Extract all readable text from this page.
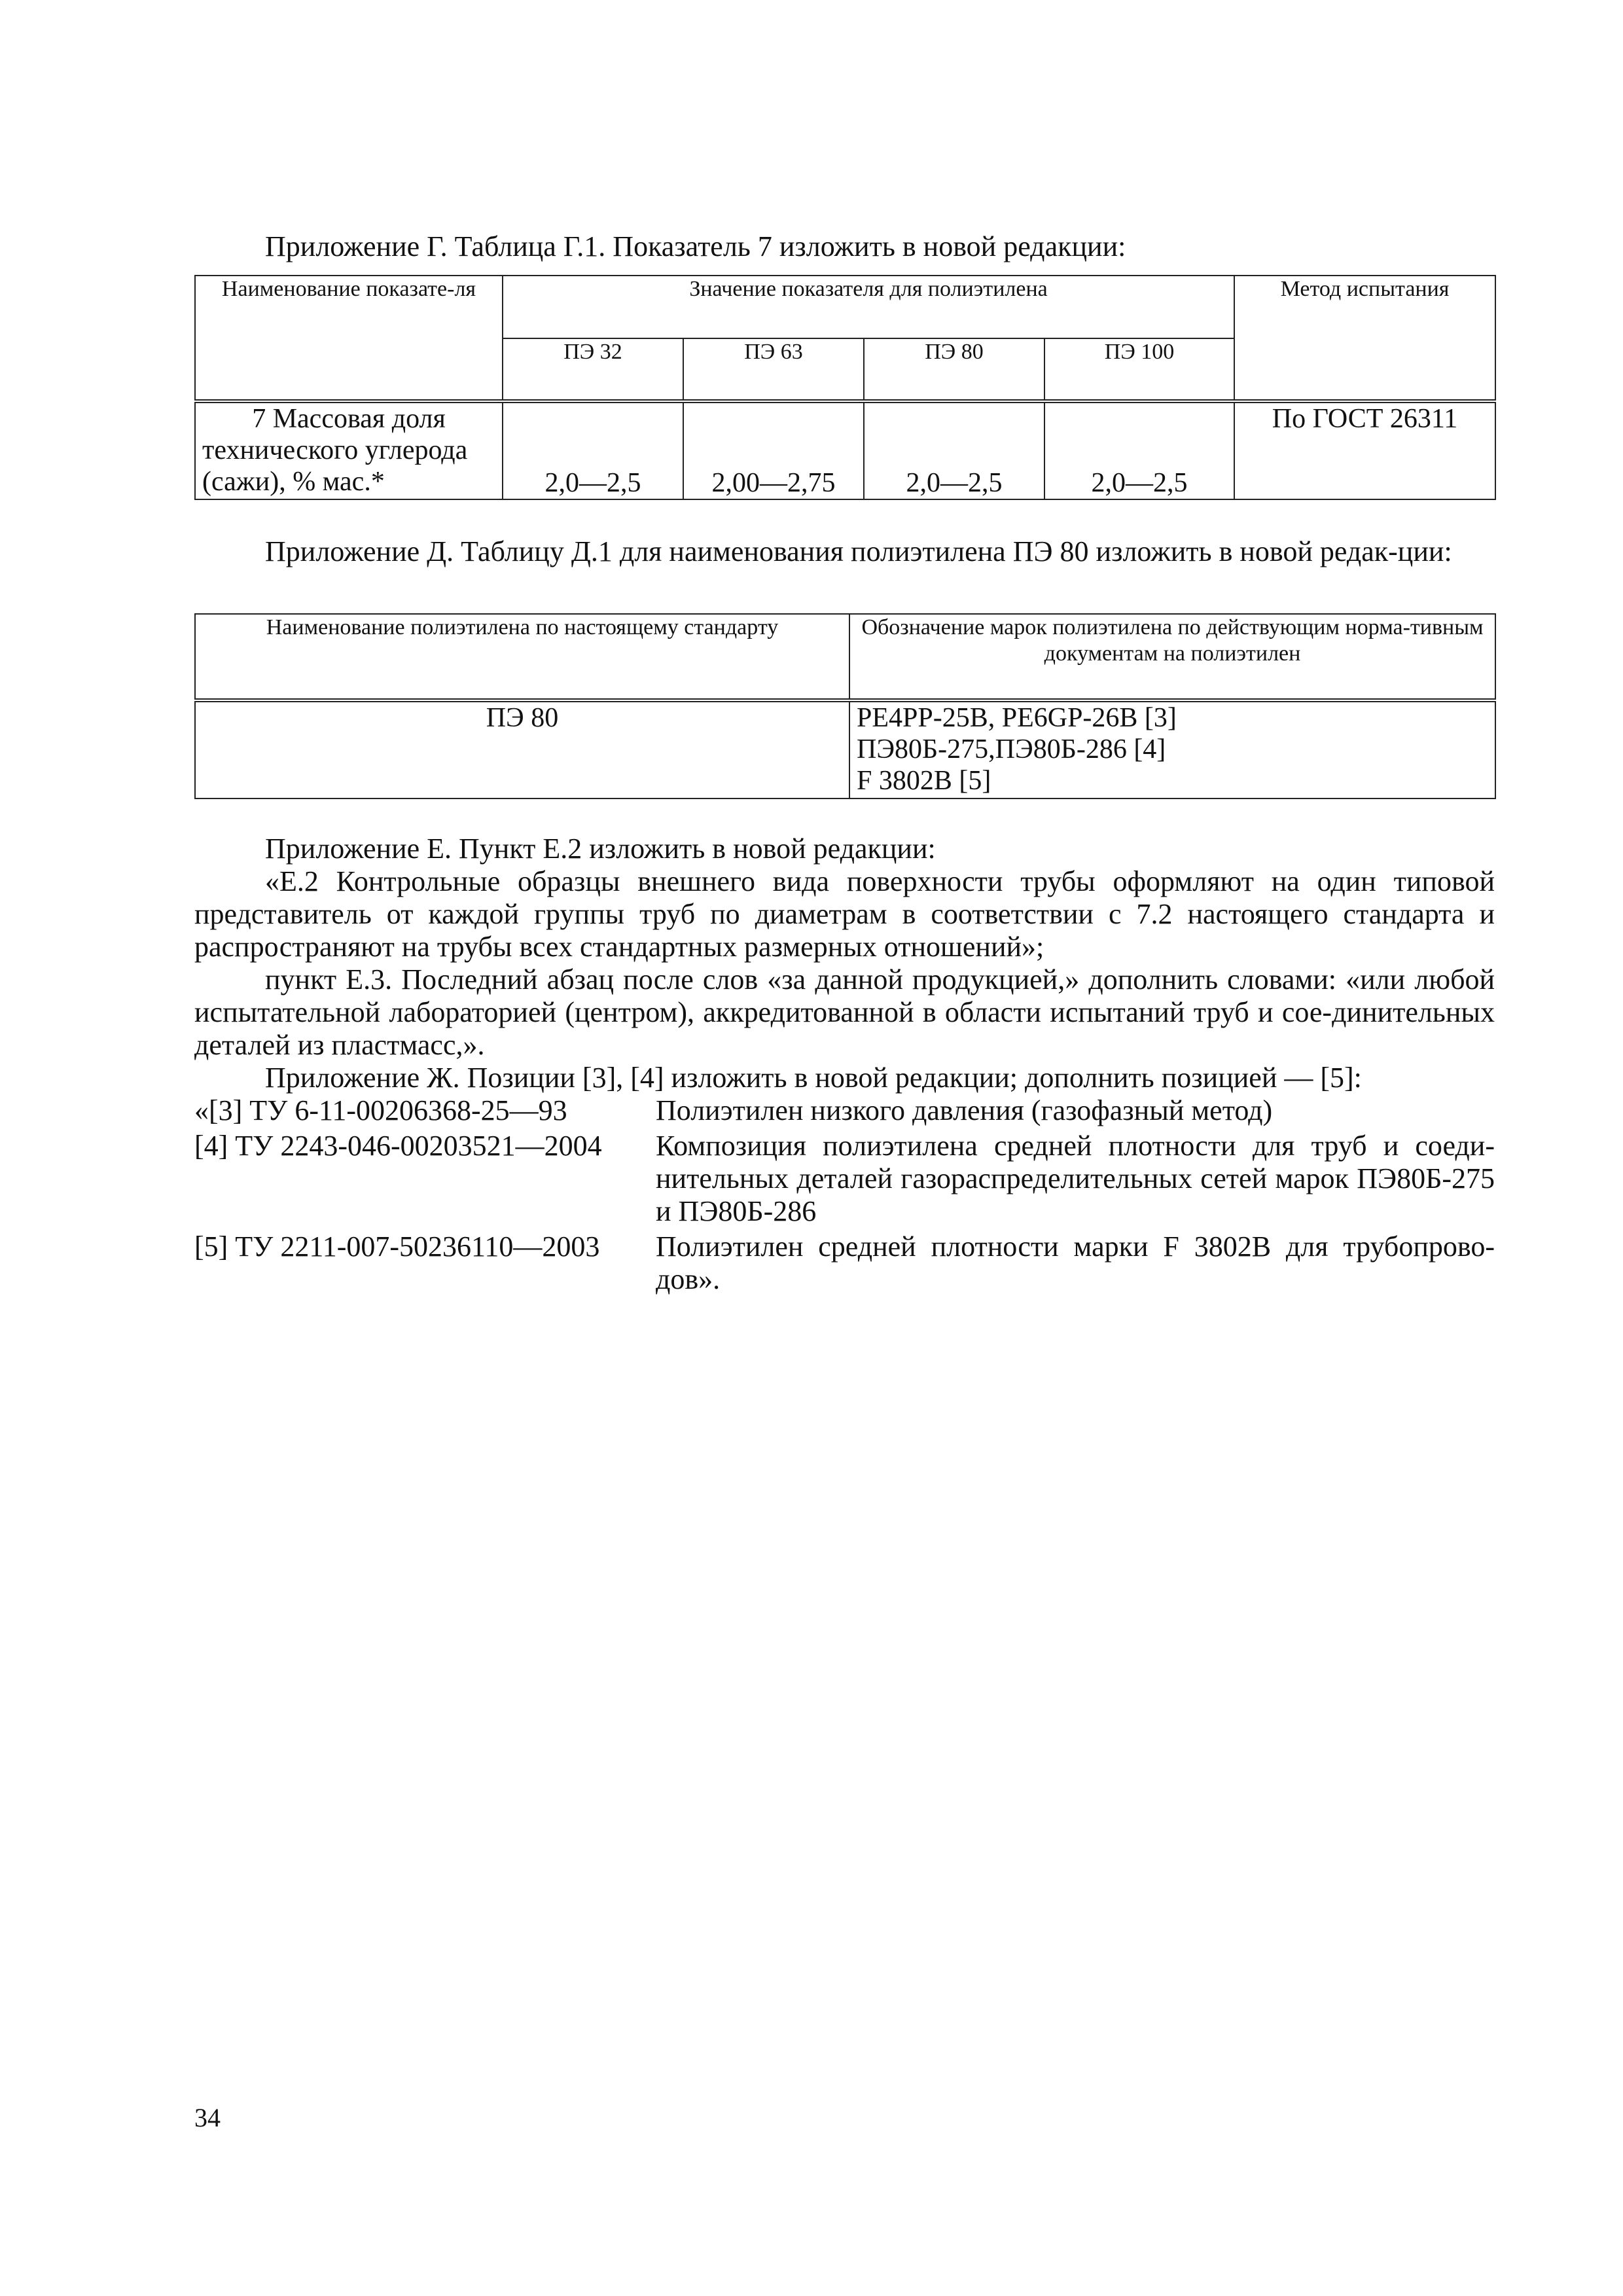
Приложение Г. Таблица Г.1. Показатель 7 изложить в новой редакции:

Наименование показате-ля	Значение показателя для полиэтилена				Метод испытания
	ПЭ 32	ПЭ 63	ПЭ 80	ПЭ 100	

7 Массовая доля
технического углерода
(сажи), % мас.*	2,0—2,5	2,00—2,75	2,0—2,5	2,0—2,5	По ГОСТ 26311

Приложение Д. Таблицу Д.1 для наименования полиэтилена ПЭ 80 изложить в новой редак-ции:

Наименование полиэтилена по настоящему стандарту	Обозначение марок полиэтилена по действующим норма-тивным документам на полиэтилен
ПЭ 80	PE4PP-25B, PE6GP-26B [3]
ПЭ80Б-275,ПЭ80Б-286 [4]
F 3802B [5]

Приложение Е. Пункт Е.2 изложить в новой редакции:

«Е.2 Контрольные образцы внешнего вида поверхности трубы оформляют на один типовой представитель от каждой группы труб по диаметрам в соответствии с 7.2 настоящего стандарта и распространяют на трубы всех стандартных размерных отношений»;

пункт Е.3. Последний абзац после слов «за данной продукцией,» дополнить словами: «или любой испытательной лабораторией (центром), аккредитованной в области испытаний труб и сое-динительных деталей из пластмасс,».

Приложение Ж. Позиции [3], [4] изложить в новой редакции; дополнить позицией — [5]:

«[3] ТУ 6-11-00206368-25—93	Полиэтилен низкого давления (газофазный метод)
[4] ТУ 2243-046-00203521—2004	Композиция полиэтилена средней плотности для труб и соеди-нительных деталей газораспределительных сетей марок ПЭ80Б-275 и ПЭ80Б-286
[5] ТУ 2211-007-50236110—2003	Полиэтилен средней плотности марки F 3802B для трубопрово-дов».
34
